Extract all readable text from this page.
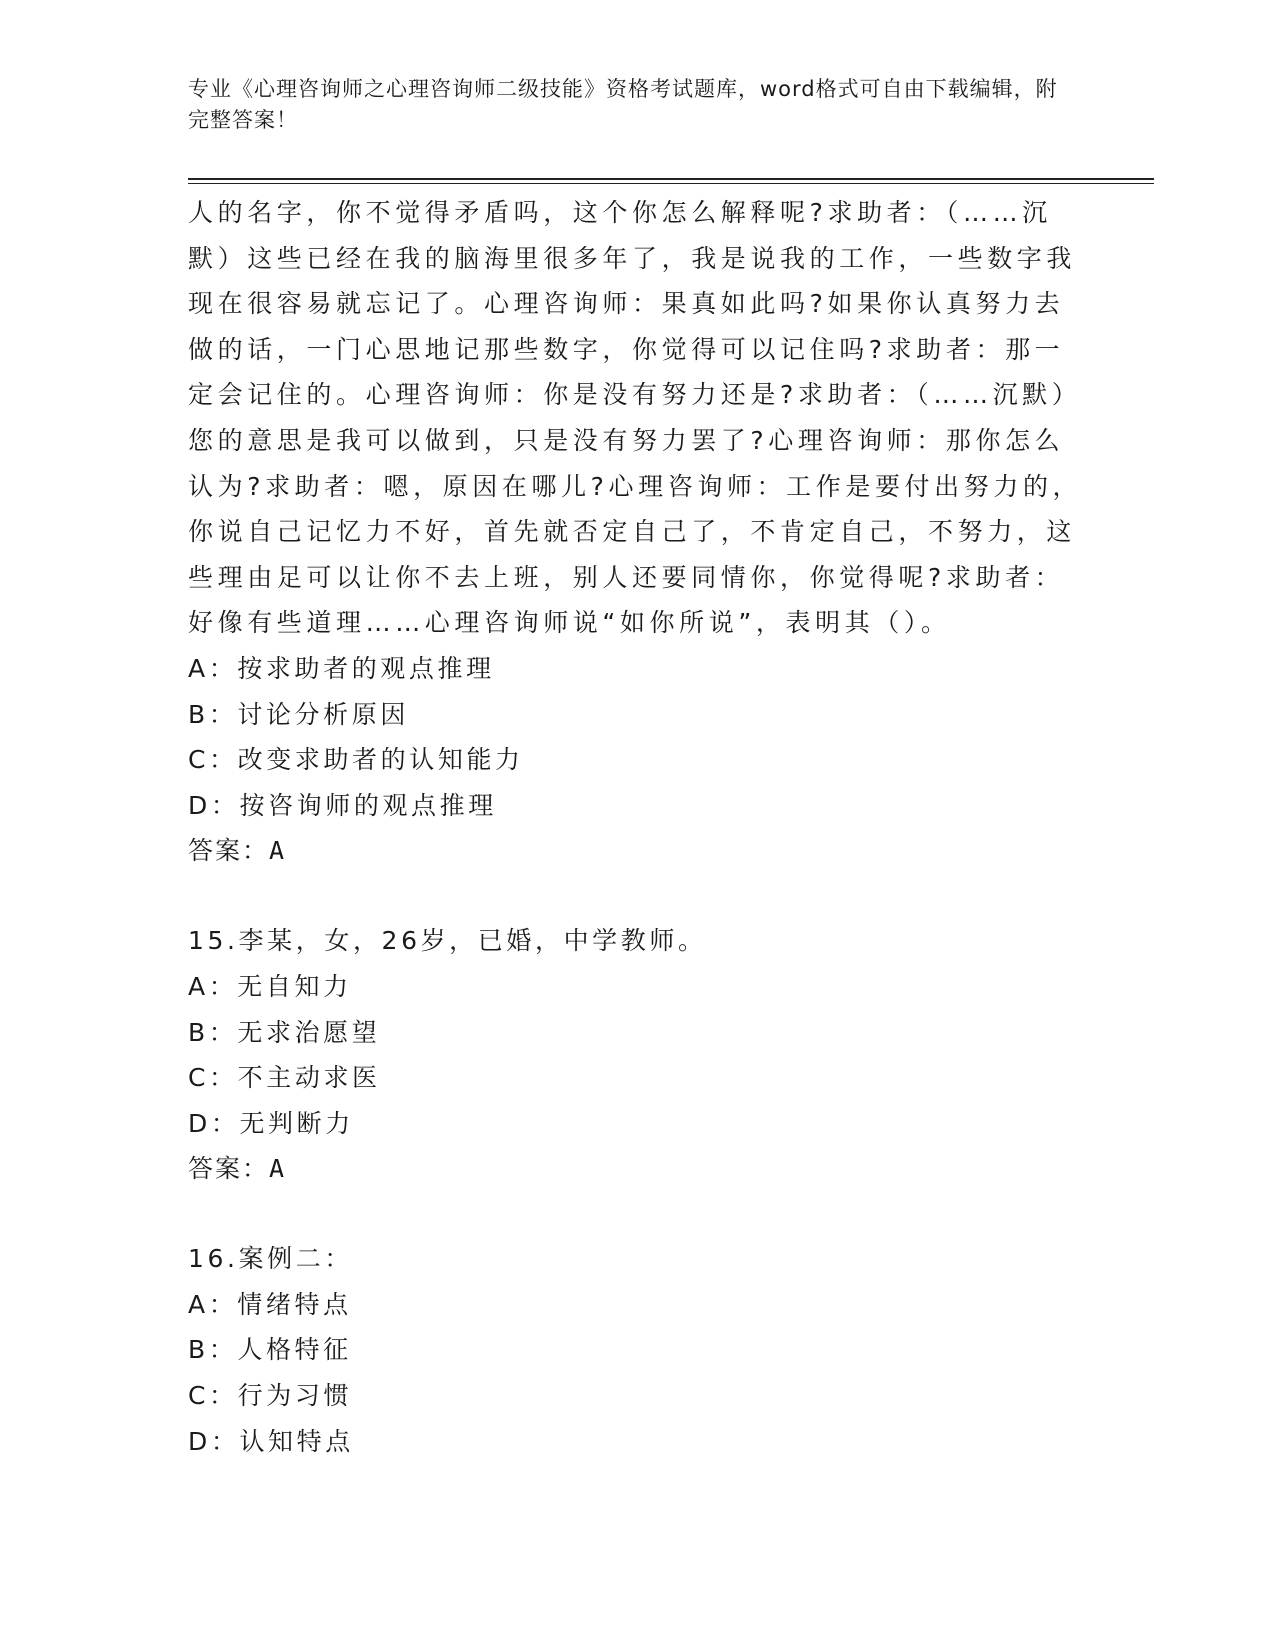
专业《心理咨询师之心理咨询师二级技能》资格考试题库，word格式可自由下载编辑，附完整答案！

人的名字，你不觉得矛盾吗，这个你怎么解释呢?求助者：（……沉默）这些已经在我的脑海里很多年了，我是说我的工作，一些数字我现在很容易就忘记了。心理咨询师：果真如此吗?如果你认真努力去做的话，一门心思地记那些数字，你觉得可以记住吗?求助者：那一定会记住的。心理咨询师：你是没有努力还是?求助者：（……沉默）您的意思是我可以做到，只是没有努力罢了?心理咨询师：那你怎么认为?求助者：嗯，原因在哪儿?心理咨询师：工作是要付出努力的，你说自己记忆力不好，首先就否定自己了，不肯定自己，不努力，这些理由足可以让你不去上班，别人还要同情你，你觉得呢?求助者：好像有些道理……心理咨询师说“如你所说”，表明其（）。

A：按求助者的观点推理

B：讨论分析原因

C：改变求助者的认知能力

D：按咨询师的观点推理

答案：A

15.李某，女，26岁，已婚，中学教师。

A：无自知力

B：无求治愿望

C：不主动求医

D：无判断力

答案：A

16.案例二：

A：情绪特点

B：人格特征

C：行为习惯

D：认知特点
